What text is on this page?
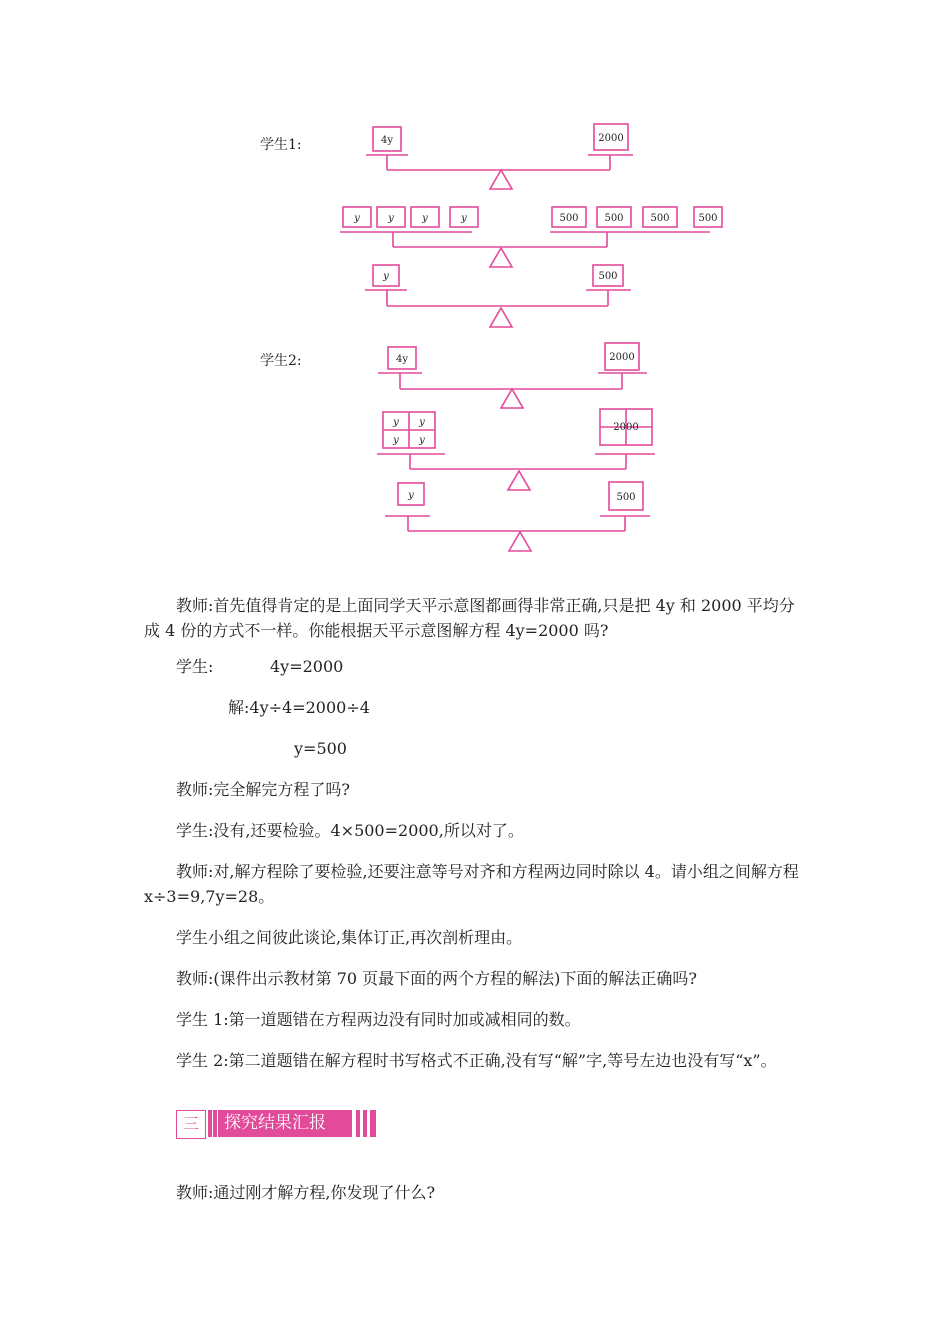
学生1:
学生2:
4y	2000
y	y	y	y	500	500	500	500
y	500
4y	2000
y y
y y
2000
y	500

教师:首先值得肯定的是上面同学天平示意图都画得非常正确,只是把 4y 和 2000 平均分成 4 份的方式不一样。你能根据天平示意图解方程 4y=2000 吗?

学生:	4y=2000
解:4y÷4=2000÷4
y=500

教师:完全解完方程了吗?

学生:没有,还要检验。4×500=2000,所以对了。

教师:对,解方程除了要检验,还要注意等号对齐和方程两边同时除以 4。请小组之间解方程 x÷3=9,7y=28。

学生小组之间彼此谈论,集体订正,再次剖析理由。

教师:(课件出示教材第 70 页最下面的两个方程的解法)下面的解法正确吗?

学生 1:第一道题错在方程两边没有同时加或减相同的数。

学生 2:第二道题错在解方程时书写格式不正确,没有写“解”字,等号左边也没有写“x”。

三	探究结果汇报

教师:通过刚才解方程,你发现了什么?
